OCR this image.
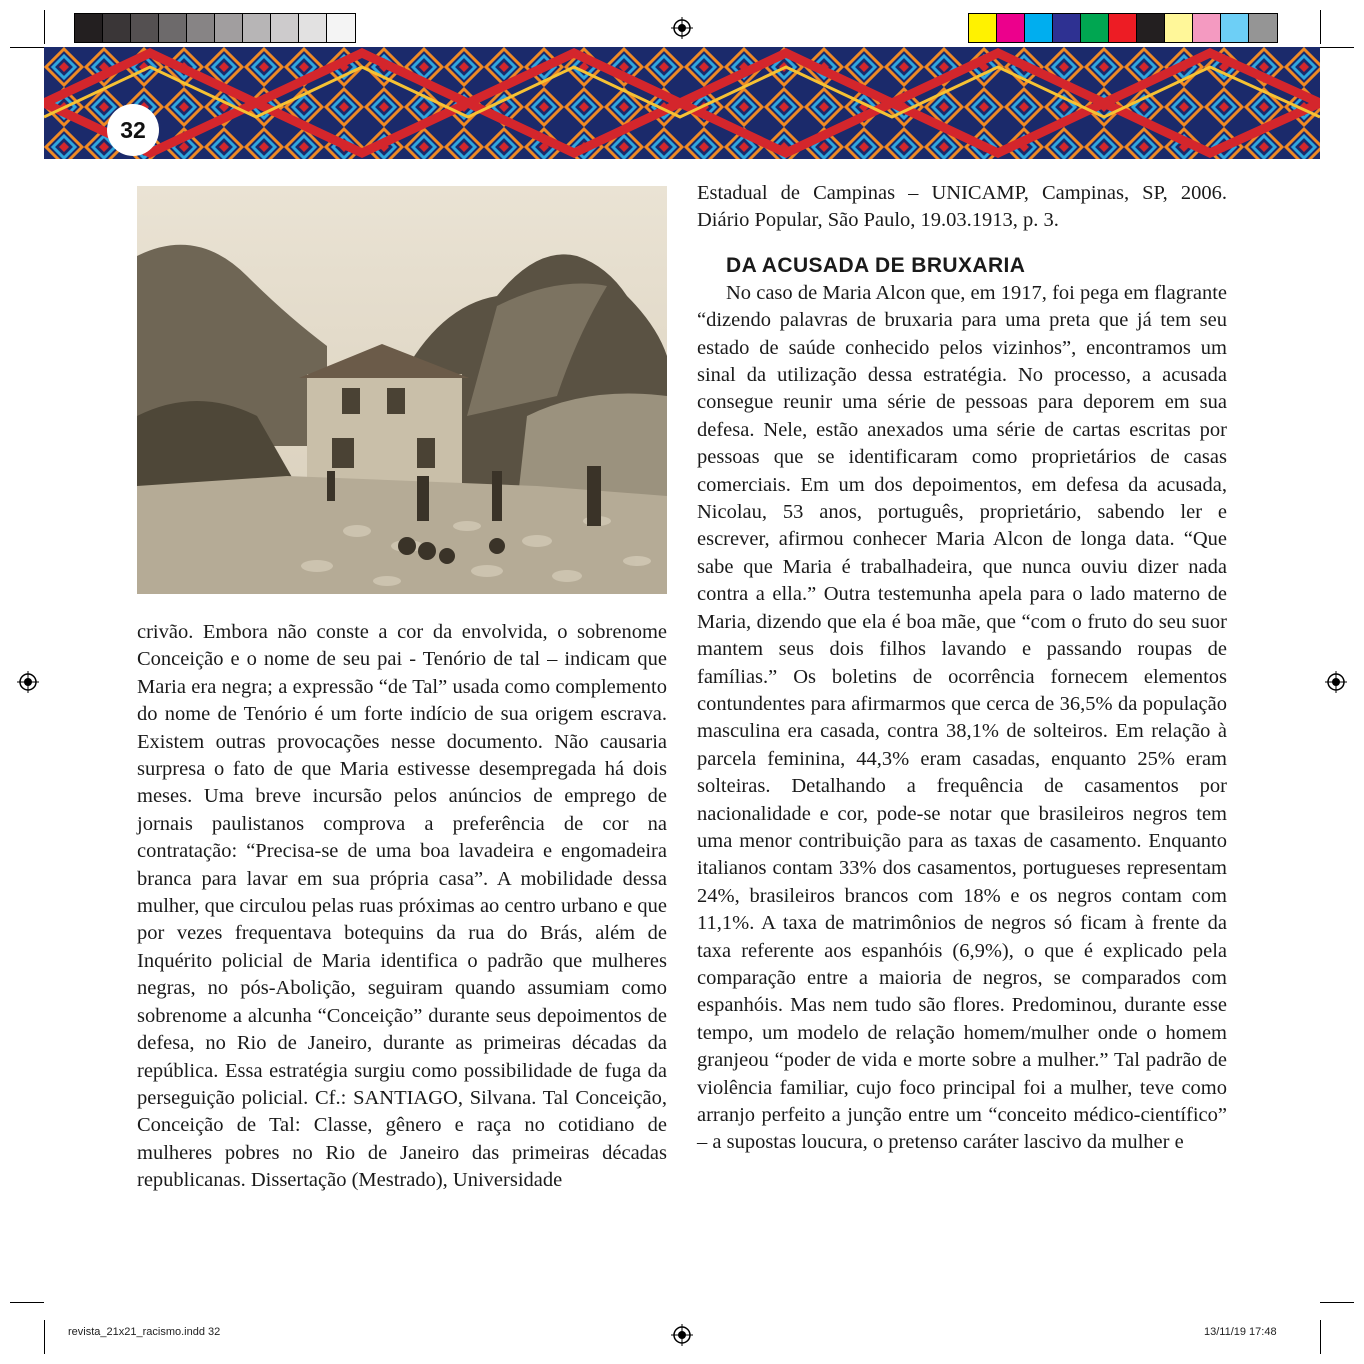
32

crivão. Embora não conste a cor da envolvida, o sobrenome Conceição e o nome de seu pai - Tenório de tal – indicam que Maria era negra; a expressão “de Tal” usada como complemento do nome de Tenório é um forte indício de sua origem escrava. Existem outras provocações nesse documento. Não causaria surpresa o fato de que Maria estivesse desempregada há dois meses. Uma breve incursão pelos anúncios de emprego de jornais paulistanos comprova a preferência de cor na contratação: “Precisa-se de uma boa lavadeira e engomadeira branca para lavar em sua própria casa”. A mobilidade dessa mulher, que circulou pelas ruas próximas ao centro urbano e que por vezes frequentava botequins da rua do Brás, além de Inquérito policial de Maria identifica o padrão que mulheres negras, no pós-Abolição, seguiram quando assumiam como sobrenome a alcunha “Conceição” durante seus depoimentos de defesa, no Rio de Janeiro, durante as primeiras décadas da república. Essa estratégia surgiu como possibilidade de fuga da perseguição policial. Cf.: SANTIAGO, Silvana. Tal Conceição, Conceição de Tal: Classe, gênero e raça no cotidiano de mulheres pobres no Rio de Janeiro das primeiras décadas republicanas. Dissertação (Mestrado), Universidade

Estadual de Campinas – UNICAMP, Campinas, SP, 2006. Diário Popular, São Paulo, 19.03.1913, p. 3.

DA ACUSADA DE BRUXARIA

No caso de Maria Alcon que, em 1917, foi pega em flagrante “dizendo palavras de bruxaria para uma preta que já tem seu estado de saúde conhecido pelos vizinhos”, encontramos um sinal da utilização dessa estratégia. No processo, a acusada consegue reunir uma série de pessoas para deporem em sua defesa. Nele, estão anexados uma série de cartas escritas por pessoas que se identificaram como proprietários de casas comerciais. Em um dos depoimentos, em defesa da acusada, Nicolau, 53 anos, português, proprietário, sabendo ler e escrever, afirmou conhecer Maria Alcon de longa data. “Que sabe que Maria é trabalhadeira, que nunca ouviu dizer nada contra a ella.” Outra testemunha apela para o lado materno de Maria, dizendo que ela é boa mãe, que “com o fruto do seu suor mantem seus dois filhos lavando e passando roupas de famílias.” Os boletins de ocorrência fornecem elementos contundentes para afirmarmos que cerca de 36,5% da população masculina era casada, contra 38,1% de solteiros. Em relação à parcela feminina, 44,3% eram casadas, enquanto 25% eram solteiras. Detalhando a frequência de casamentos por nacionalidade e cor, pode-se notar que brasileiros negros tem uma menor contribuição para as taxas de casamento. Enquanto italianos contam 33% dos casamentos, portugueses representam 24%, brasileiros brancos com 18% e os negros contam com 11,1%. A taxa de matrimônios de negros só ficam à frente da taxa referente aos espanhóis (6,9%), o que é explicado pela comparação entre a maioria de negros, se comparados com espanhóis. Mas nem tudo são flores. Predominou, durante esse tempo, um modelo de relação homem/mulher onde o homem granjeou “poder de vida e morte sobre a mulher.” Tal padrão de violência familiar, cujo foco principal foi a mulher, teve como arranjo perfeito a junção entre um “conceito médico-científico” – a supostas loucura, o pretenso caráter lascivo da mulher e

revista_21x21_racismo.indd 32	13/11/19 17:48
